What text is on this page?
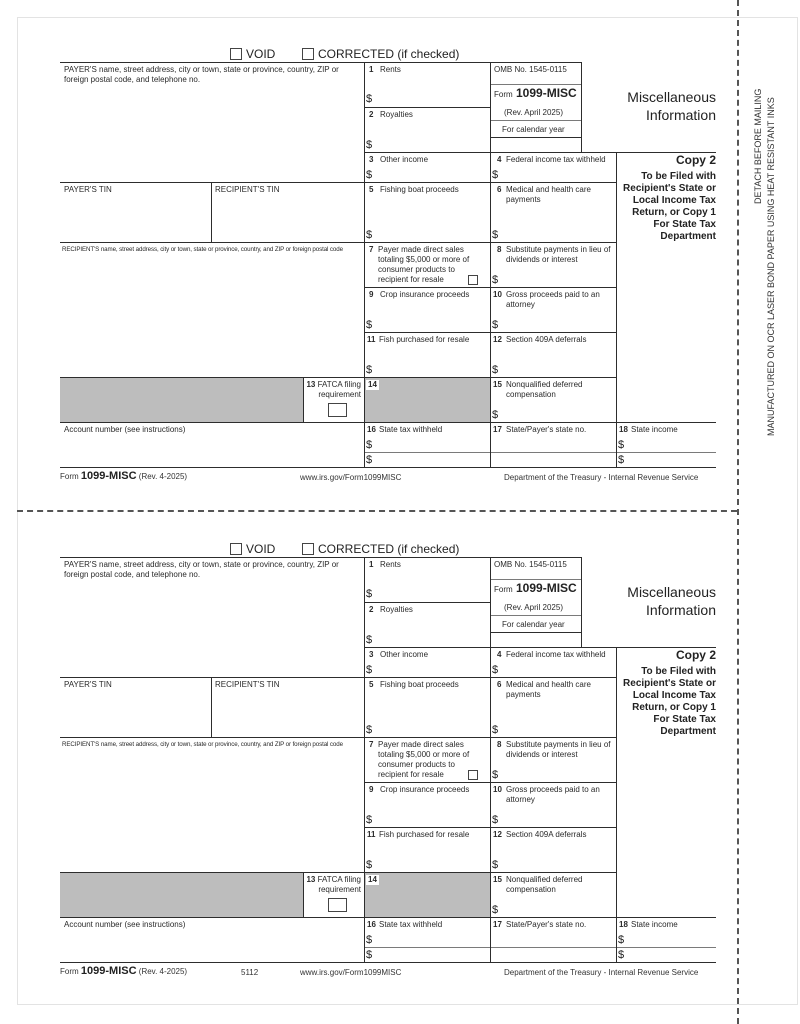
VOID	CORRECTED (if checked)
PAYER'S name, street address, city or town, state or province, country, ZIP or foreign postal code, and telephone no.
1 Rents
$
OMB No. 1545-0115
Form 1099-MISC
(Rev. April 2025)
For calendar year
Miscellaneous
Information
2 Royalties
$
3 Other income
$
4 Federal income tax withheld
$
Copy 2
To be Filed with Recipient's State or Local Income Tax Return, or Copy 1 For State Tax Department
PAYER'S TIN	RECIPIENT'S TIN	5 Fishing boat proceeds
$
6 Medical and health care payments
$
RECIPIENT'S name, street address, city or town, state or province, country, and ZIP or foreign postal code	7 Payer made direct sales totaling $5,000 or more of consumer products to recipient for resale
8 Substitute payments in lieu of dividends or interest
$
9 Crop insurance proceeds
$
10 Gross proceeds paid to an attorney
$
11 Fish purchased for resale
$
12 Section 409A deferrals
$
13 FATCA filing requirement
14	15 Nonqualified deferred compensation
$
Account number (see instructions)	16 State tax withheld
$
$
17 State/Payer's state no.	18 State income
$
$
Form 1099-MISC (Rev. 4-2025)	www.irs.gov/Form1099MISC	Department of the Treasury - Internal Revenue Service
VOID	CORRECTED (if checked)
PAYER'S name, street address, city or town, state or province, country, ZIP or foreign postal code, and telephone no.
1 Rents
$
OMB No. 1545-0115
Form 1099-MISC
(Rev. April 2025)
For calendar year
Miscellaneous
Information
2 Royalties
$
3 Other income
$
4 Federal income tax withheld
$
Copy 2
To be Filed with Recipient's State or Local Income Tax Return, or Copy 1 For State Tax Department
PAYER'S TIN	RECIPIENT'S TIN	5 Fishing boat proceeds
$
6 Medical and health care payments
$
RECIPIENT'S name, street address, city or town, state or province, country, and ZIP or foreign postal code	7 Payer made direct sales totaling $5,000 or more of consumer products to recipient for resale
8 Substitute payments in lieu of dividends or interest
$
9 Crop insurance proceeds
$
10 Gross proceeds paid to an attorney
$
11 Fish purchased for resale
$
12 Section 409A deferrals
$
13 FATCA filing requirement
14	15 Nonqualified deferred compensation
$
Account number (see instructions)	16 State tax withheld
$
$
17 State/Payer's state no.	18 State income
$
$
Form 1099-MISC (Rev. 4-2025)	5112	www.irs.gov/Form1099MISC	Department of the Treasury - Internal Revenue Service
DETACH BEFORE MAILING MANUFACTURED ON OCR LASER BOND PAPER USING HEAT RESISTANT INKS
